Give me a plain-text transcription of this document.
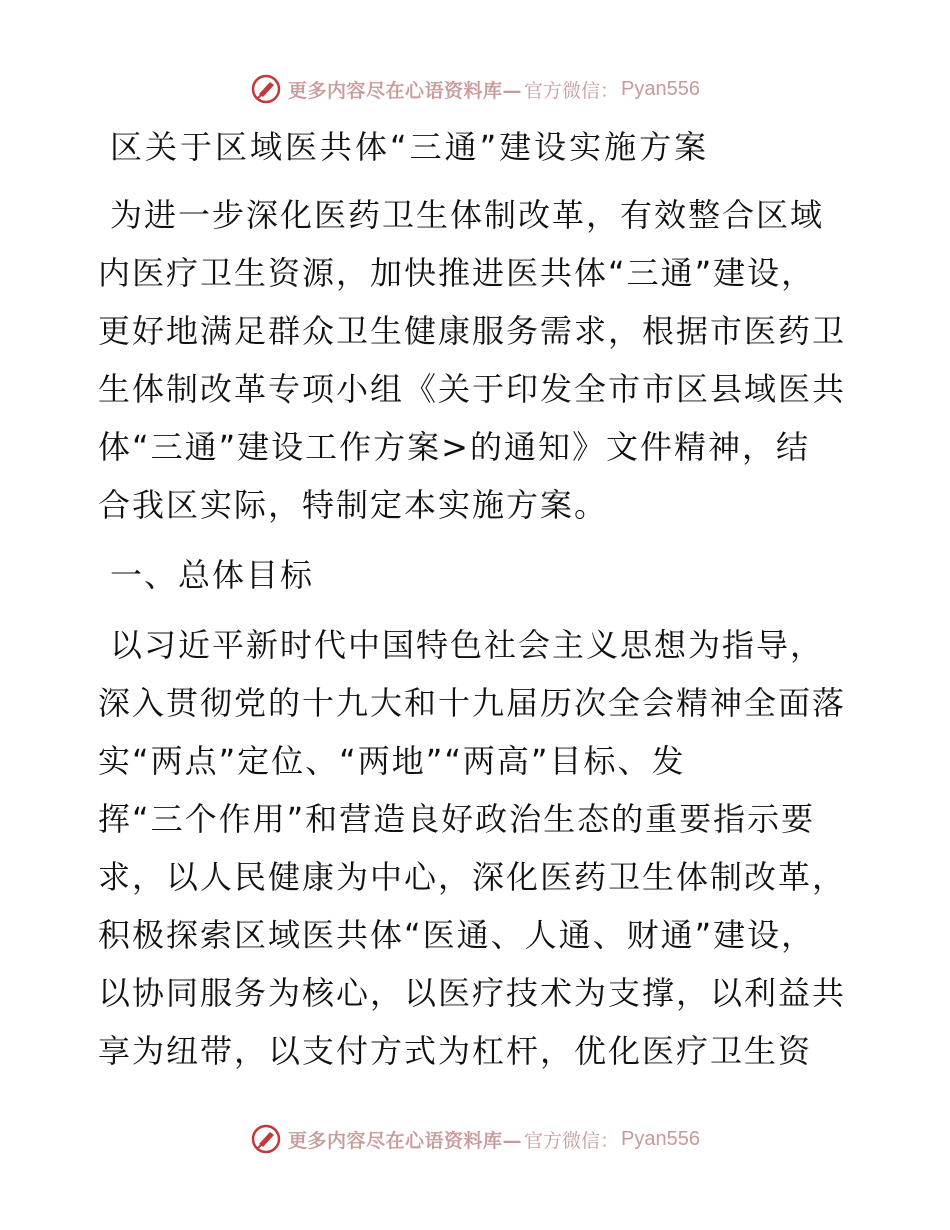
更多内容尽在心语资料库— 官方微信： Pyan556
区关于区域医共体“三通”建设实施方案
为进一步深化医药卫生体制改革，有效整合区域
内医疗卫生资源，加快推进医共体“三通”建设，
更好地满足群众卫生健康服务需求，根据市医药卫
生体制改革专项小组《关于印发全市市区县域医共
体“三通”建设工作方案>的通知》文件精神，结
合我区实际，特制定本实施方案。
一、总体目标
以习近平新时代中国特色社会主义思想为指导，
深入贯彻党的十九大和十九届历次全会精神全面落
实“两点”定位、“两地”“两高”目标、发
挥“三个作用”和营造良好政治生态的重要指示要
求，以人民健康为中心，深化医药卫生体制改革，
积极探索区域医共体“医通、人通、财通”建设，
以协同服务为核心，以医疗技术为支撑，以利益共
享为纽带，以支付方式为杠杆，优化医疗卫生资
更多内容尽在心语资料库— 官方微信： Pyan556
